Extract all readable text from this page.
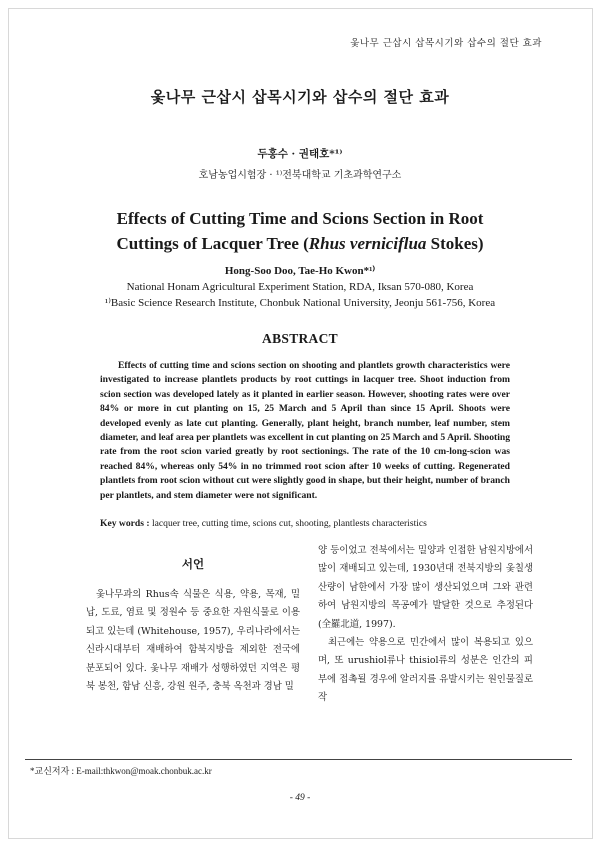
옻나무 근삽시 삽목시기와 삽수의 절단 효과
옻나무 근삽시 삽목시기와 삽수의 절단 효과
두홍수 · 권태호*¹⁾
호남농업시험장 · ¹⁾전북대학교 기초과학연구소
Effects of Cutting Time and Scions Section in Root
Cuttings of Lacquer Tree (Rhus verniciflua Stokes)
Hong-Soo Doo, Tae-Ho Kwon*¹⁾
National Honam Agricultural Experiment Station, RDA, Iksan 570-080, Korea
¹⁾Basic Science Research Institute, Chonbuk National University, Jeonju 561-756, Korea
ABSTRACT
Effects of cutting time and scions section on shooting and plantlets growth characteristics were investigated to increase plantlets products by root cuttings in lacquer tree. Shoot induction from scion section was developed lately as it planted in earlier season. However, shooting rates were over 84% or more in cut planting on 15, 25 March and 5 April than since 15 April. Shoots were developed evenly as late cut planting. Generally, plant height, branch number, leaf number, stem diameter, and leaf area per plantlets was excellent in cut planting on 25 March and 5 April. Shooting rate from the root scion varied greatly by root sectionings. The rate of the 10 cm-long-scion was reached 84%, whereas only 54% in no trimmed root scion after 10 weeks of cutting. Regenerated plantlets from root scion without cut were slightly good in shape, but their height, number of branch per plantlets, and stem diameter were not significant.
Key words : lacquer tree, cutting time, scions cut, shooting, plantlests characteristics
서언

옻나무과의 Rhus속 식물은 식용, 약용, 목재, 밀납, 도료, 염료 및 정원수 등 중요한 자원식물로 이용되고 있는데 (Whitehouse, 1957), 우리나라에서는 신라시대부터 재배하여 함북지방을 제외한 전국에 분포되어 있다. 옻나무 재배가 성행하였던 지역은 평북 봉천, 함남 신흥, 강원 원주, 충북 옥천과 경남 밀

양 등이었고 전북에서는 밀양과 인접한 남원지방에서 많이 재배되고 있는데, 1930년대 전북지방의 옻칠생산량이 남한에서 가장 많이 생산되었으며 그와 관련하여 남원지방의 목공예가 발달한 것으로 추정된다 (全羅北道, 1997).

최근에는 약용으로 민간에서 많이 복용되고 있으며, 또 urushiol류나 thisiol류의 성분은 인간의 피부에 접촉될 경우에 알러지를 유발시키는 원인물질로 작

*교신저자 : E-mail:thkwon@moak.chonbuk.ac.kr
- 49 -
